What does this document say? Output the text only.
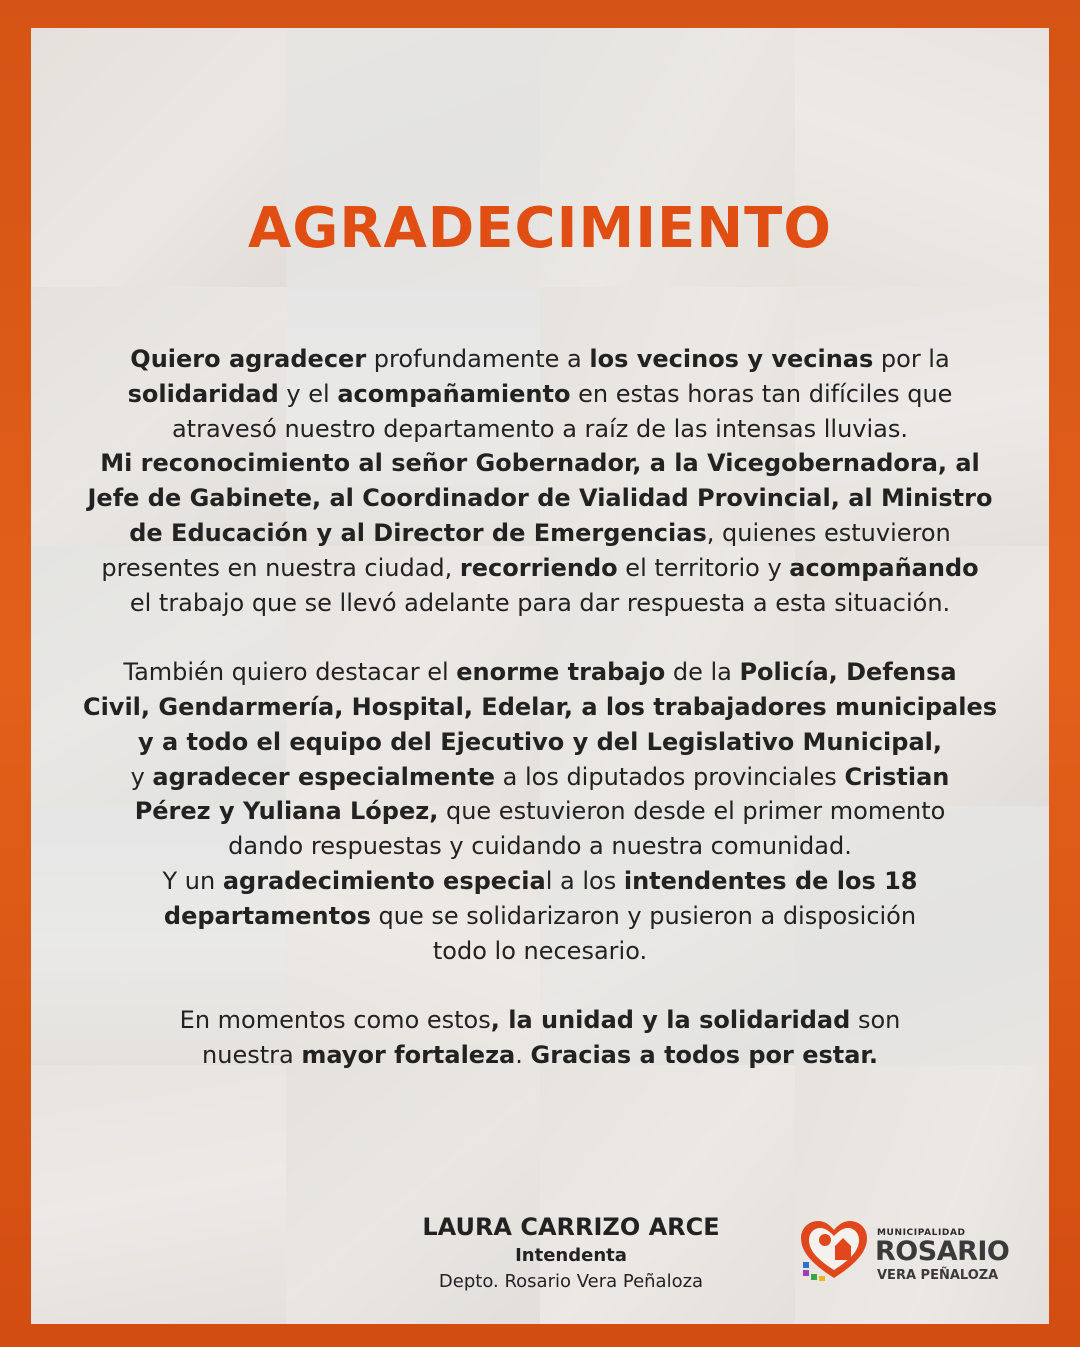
AGRADECIMIENTO

Quiero agradecer profundamente a los vecinos y vecinas por la

solidaridad y el acompañamiento en estas horas tan difíciles que

atravesó nuestro departamento a raíz de las intensas lluvias.

Mi reconocimiento al señor Gobernador, a la Vicegobernadora, al

Jefe de Gabinete, al Coordinador de Vialidad Provincial, al Ministro

de Educación y al Director de Emergencias, quienes estuvieron

presentes en nuestra ciudad, recorriendo el territorio y acompañando

el trabajo que se llevó adelante para dar respuesta a esta situación.

También quiero destacar el enorme trabajo de la Policía, Defensa

Civil, Gendarmería, Hospital, Edelar, a los trabajadores municipales

y a todo el equipo del Ejecutivo y del Legislativo Municipal,

y agradecer especialmente a los diputados provinciales Cristian

Pérez y Yuliana López, que estuvieron desde el primer momento

dando respuestas y cuidando a nuestra comunidad.

Y un agradecimiento especial a los intendentes de los 18

departamentos que se solidarizaron y pusieron a disposición

todo lo necesario.

En momentos como estos, la unidad y la solidaridad son

nuestra mayor fortaleza. Gracias a todos por estar.

LAURA CARRIZO ARCE
Intendenta
Depto. Rosario Vera Peñaloza
MUNICIPALIDAD
ROSARIO
VERA PEÑALOZA
